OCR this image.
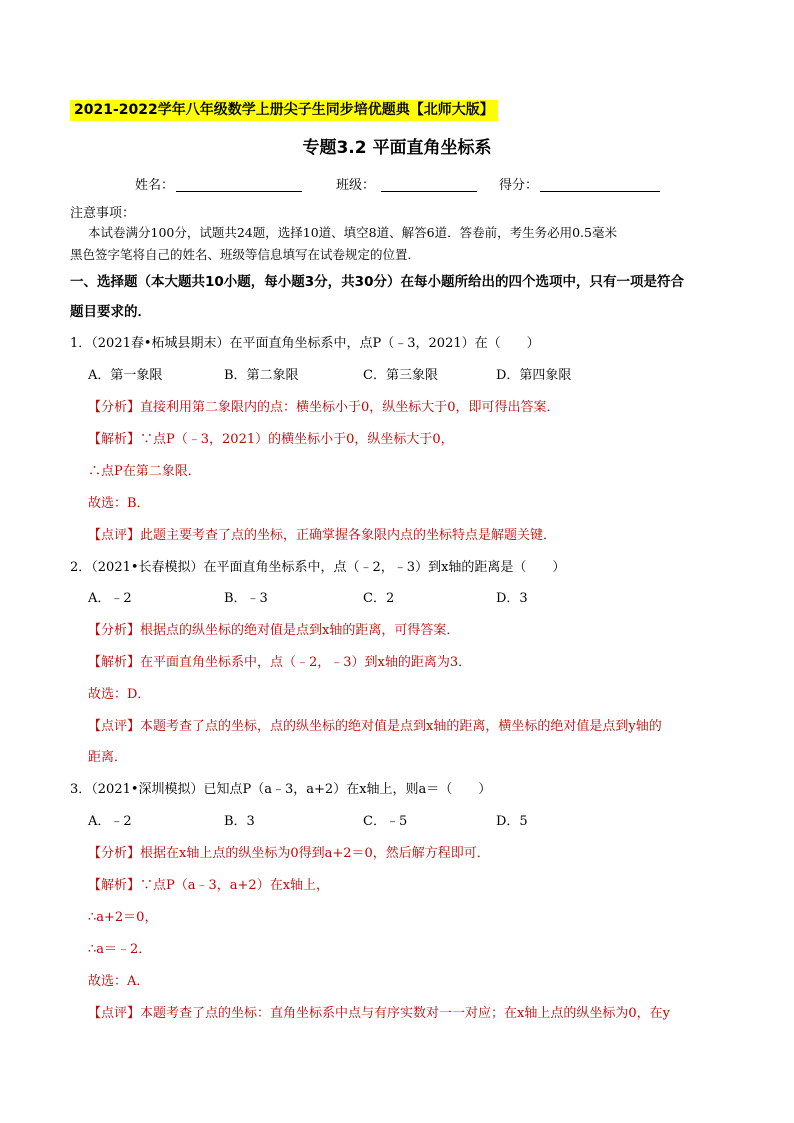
2021-2022学年八年级数学上册尖子生同步培优题典【北师大版】
专题3.2 平面直角坐标系
姓名：	班级：	得分：
注意事项：
本试卷满分100分，试题共24题，选择10道、填空8道、解答6道．答卷前，考生务必用0.5毫米
黑色签字笔将自己的姓名、班级等信息填写在试卷规定的位置．
一、选择题（本大题共10小题，每小题3分，共30分）在每小题所给出的四个选项中，只有一项是符合
题目要求的．
1．（2021春•柘城县期末）在平面直角坐标系中，点P（﹣3，2021）在（　　）
A．第一象限	B．第二象限	C．第三象限	D．第四象限
【分析】直接利用第二象限内的点：横坐标小于0，纵坐标大于0，即可得出答案．
【解析】∵点P（﹣3，2021）的横坐标小于0，纵坐标大于0，
∴点P在第二象限．
故选：B．
【点评】此题主要考查了点的坐标，正确掌握各象限内点的坐标特点是解题关键．
2．（2021•长春模拟）在平面直角坐标系中，点（﹣2，﹣3）到x轴的距离是（　　）
A．﹣2	B．﹣3	C．2	D．3
【分析】根据点的纵坐标的绝对值是点到x轴的距离，可得答案．
【解析】在平面直角坐标系中，点（﹣2，﹣3）到x轴的距离为3．
故选：D．
【点评】本题考查了点的坐标，点的纵坐标的绝对值是点到x轴的距离，横坐标的绝对值是点到y轴的
距离．
3．（2021•深圳模拟）已知点P（a﹣3，a+2）在x轴上，则a＝（　　）
A．﹣2	B．3	C．﹣5	D．5
【分析】根据在x轴上点的纵坐标为0得到a+2＝0，然后解方程即可．
【解析】∵点P（a﹣3，a+2）在x轴上，
∴a+2＝0，
∴a＝﹣2．
故选：A．
【点评】本题考查了点的坐标：直角坐标系中点与有序实数对一一对应；在x轴上点的纵坐标为0，在y
